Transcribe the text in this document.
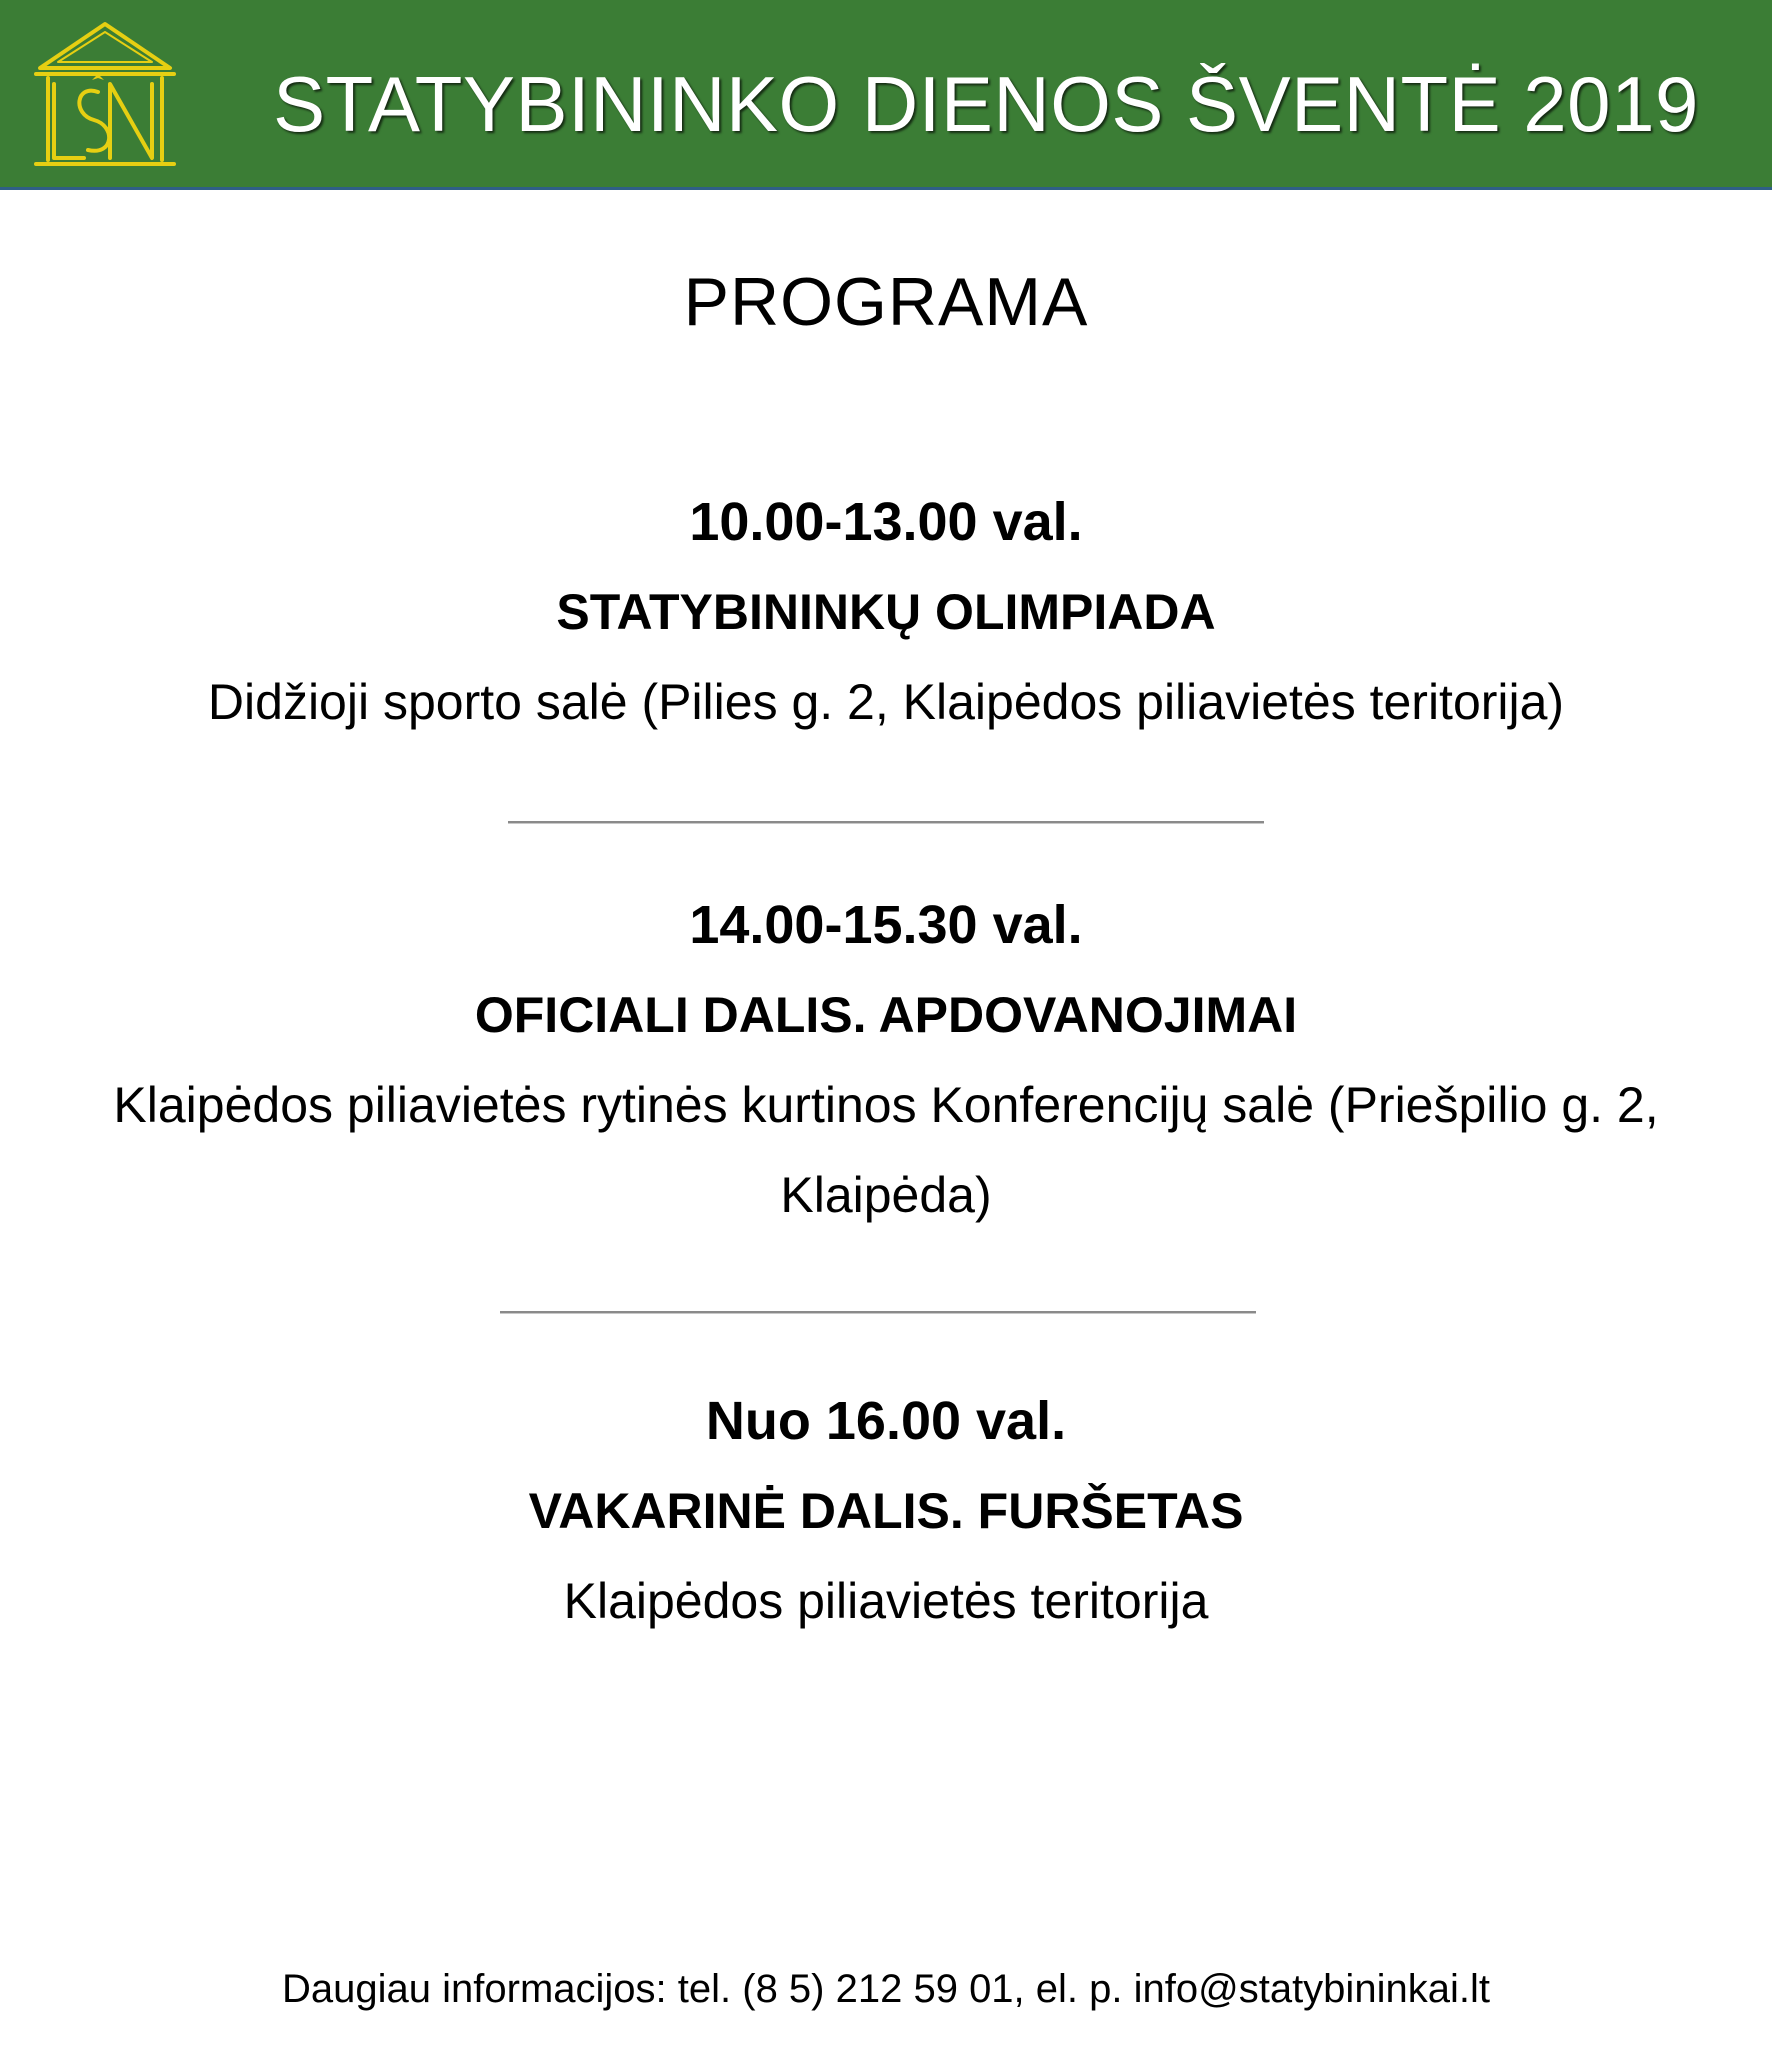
STATYBININKO DIENOS ŠVENTĖ 2019
PROGRAMA
10.00-13.00 val.
STATYBININKŲ OLIMPIADA
Didžioji sporto salė (Pilies g. 2, Klaipėdos piliavietės teritorija)
14.00-15.30 val.
OFICIALI DALIS. APDOVANOJIMAI
Klaipėdos piliavietės rytinės kurtinos Konferencijų salė (Priešpilio g. 2, Klaipėda)
Nuo 16.00 val.
VAKARINĖ DALIS. FURŠETAS
Klaipėdos piliavietės teritorija
Daugiau informacijos: tel. (8 5) 212 59 01, el. p. info@statybininkai.lt
